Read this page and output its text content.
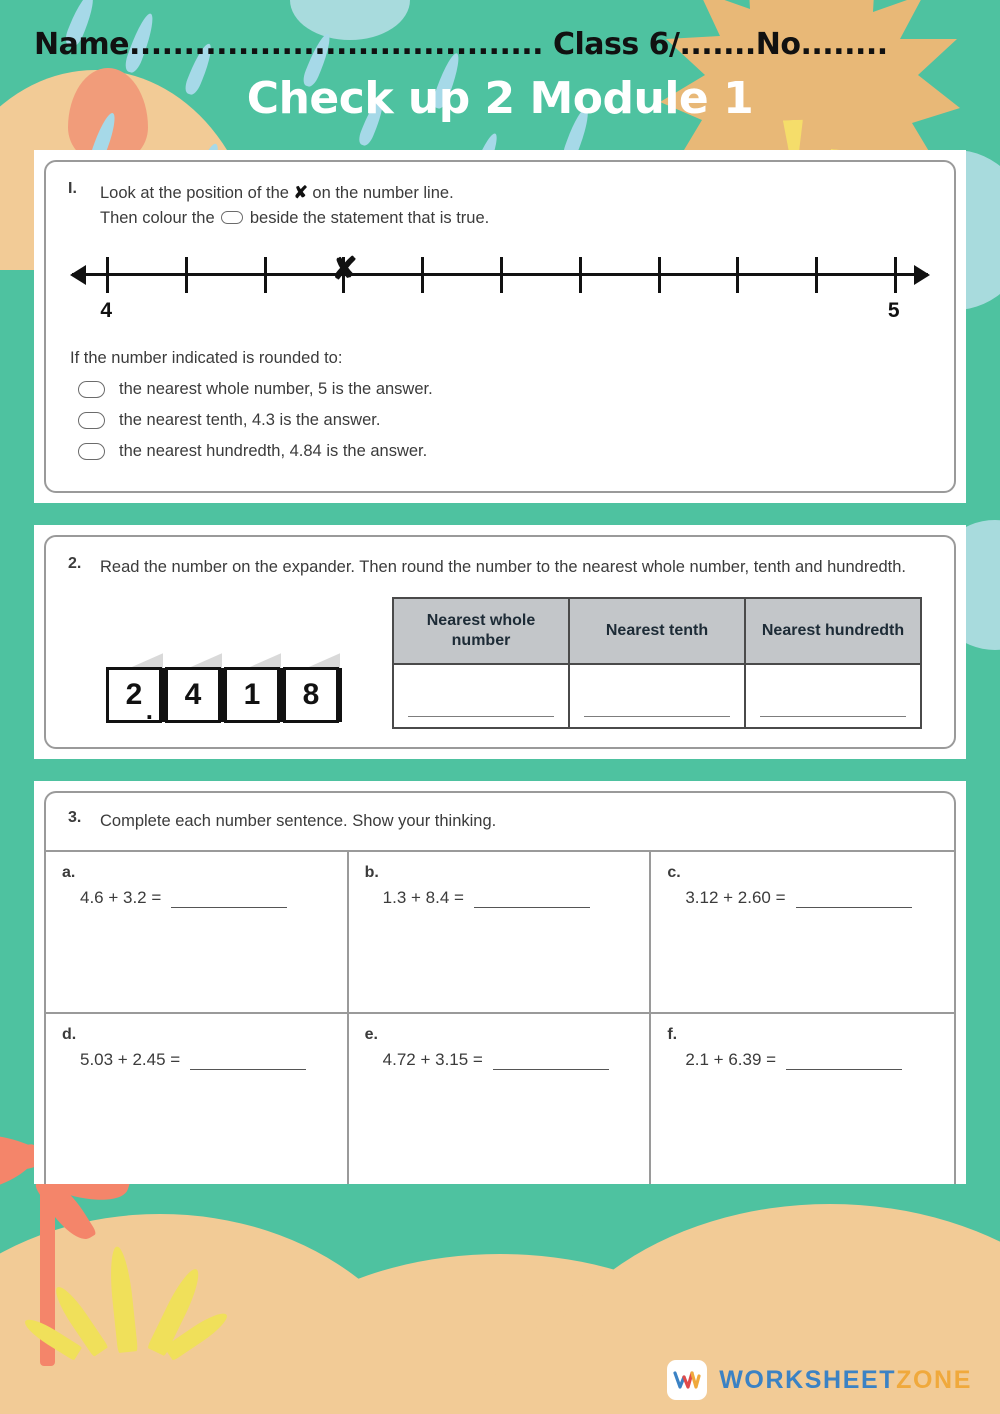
Name...................................... Class 6/.......No........
Check up 2 Module 1
I.	Look at the position of the ✘ on the number line.
Then colour the beside the statement that is true.
4	5
✘
If the number indicated is rounded to:
the nearest whole number, 5 is the answer.
the nearest tenth, 4.3 is the answer.
the nearest hundredth, 4.84 is the answer.
2.	Read the number on the expander. Then round the number to the nearest whole number, tenth and hundredth.
2 .	4	1	8
Nearest whole number	Nearest tenth	Nearest hundredth

3.	Complete each number sentence. Show your thinking.
a.
4.6 + 3.2 =
b.
1.3 + 8.4 =
c.
3.12 + 2.60 =
d.
5.03 + 2.45 =
e.
4.72 + 3.15 =
f.
2.1 + 6.39 =
WORKSHEETZONE
